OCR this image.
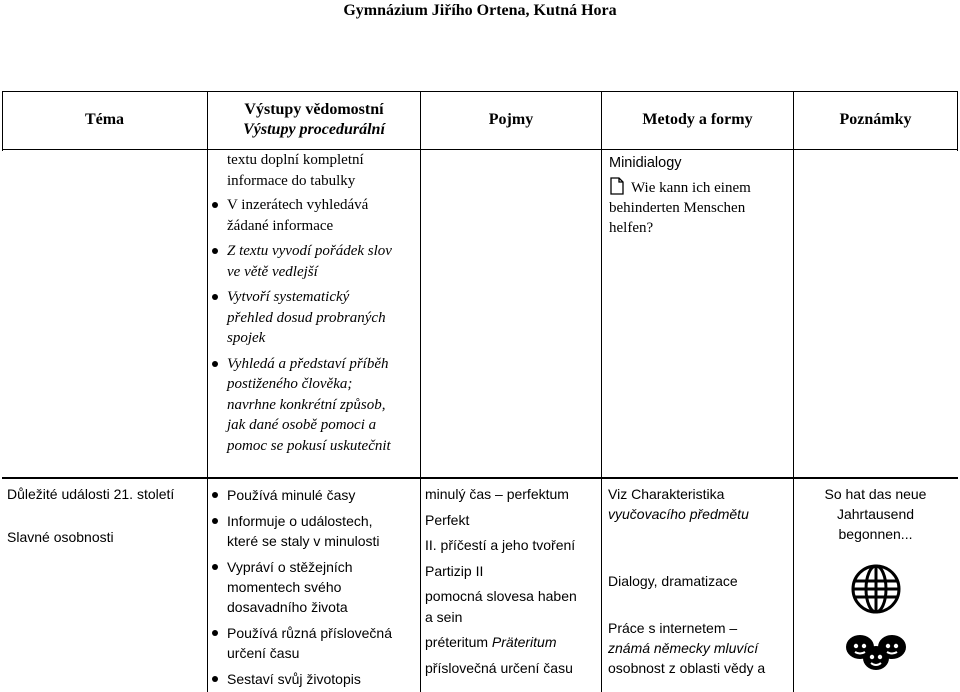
Gymnázium Jiřího Ortena, Kutná Hora
Téma
Výstupy vědomostní
Výstupy procedurální
Pojmy	Metody a formy	Poznámky
textu doplní kompletní
informace do tabulky
V inzerátech vyhledává
žádané informace
Z textu vyvodí pořádek slov
ve větě vedlejší
Vytvoří systematický
přehled dosud probraných
spojek
Vyhledá a představí příběh
postiženého člověka;
navrhne konkrétní způsob,
jak dané osobě pomoci a
pomoc se pokusí uskutečnit
Minidialogy
Wie kann ich einem
behinderten Menschen
helfen?
Důležité události 21. století
Slavné osobnosti
Používá minulé časy
Informuje o událostech,
které se staly v minulosti
Vypráví o stěžejních
momentech svého
dosavadního života
Používá různá příslovečná
určení času
Sestaví svůj životopis
minulý čas – perfektum
Perfekt
II. příčestí a jeho tvoření
Partizip II
pomocná slovesa haben
a sein
préteritum Präteritum
příslovečná určení času
Viz Charakteristika
vyučovacího předmětu
Dialogy, dramatizace
Práce s internetem –
známá německy mluvící
osobnost z oblasti vědy a
So hat das neue
Jahrtausend
begonnen...
